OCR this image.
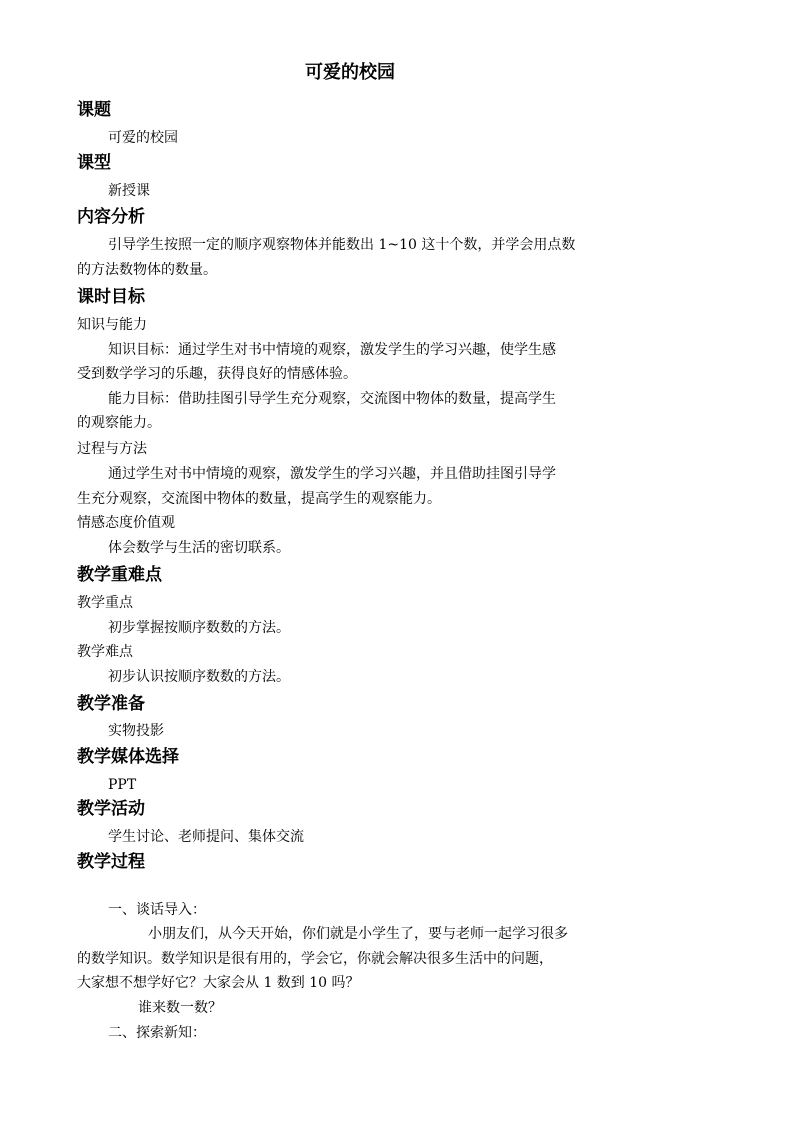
可爱的校园
课题
可爱的校园
课型
新授课
内容分析
引导学生按照一定的顺序观察物体并能数出 1~10 这十个数，并学会用点数
的方法数物体的数量。
课时目标
知识与能力
知识目标：通过学生对书中情境的观察，激发学生的学习兴趣，使学生感
受到数学学习的乐趣，获得良好的情感体验。
能力目标：借助挂图引导学生充分观察，交流图中物体的数量，提高学生
的观察能力。
过程与方法
通过学生对书中情境的观察，激发学生的学习兴趣，并且借助挂图引导学
生充分观察，交流图中物体的数量，提高学生的观察能力。
情感态度价值观
体会数学与生活的密切联系。
教学重难点
教学重点
初步掌握按顺序数数的方法。
教学难点
初步认识按顺序数数的方法。
教学准备
实物投影
教学媒体选择
PPT
教学活动
学生讨论、老师提问、集体交流
教学过程
一、谈话导入：
小朋友们，从今天开始，你们就是小学生了，要与老师一起学习很多
的数学知识。数学知识是很有用的，学会它，你就会解决很多生活中的问题，
大家想不想学好它？大家会从 1 数到 10 吗？
谁来数一数？
二、探索新知：
